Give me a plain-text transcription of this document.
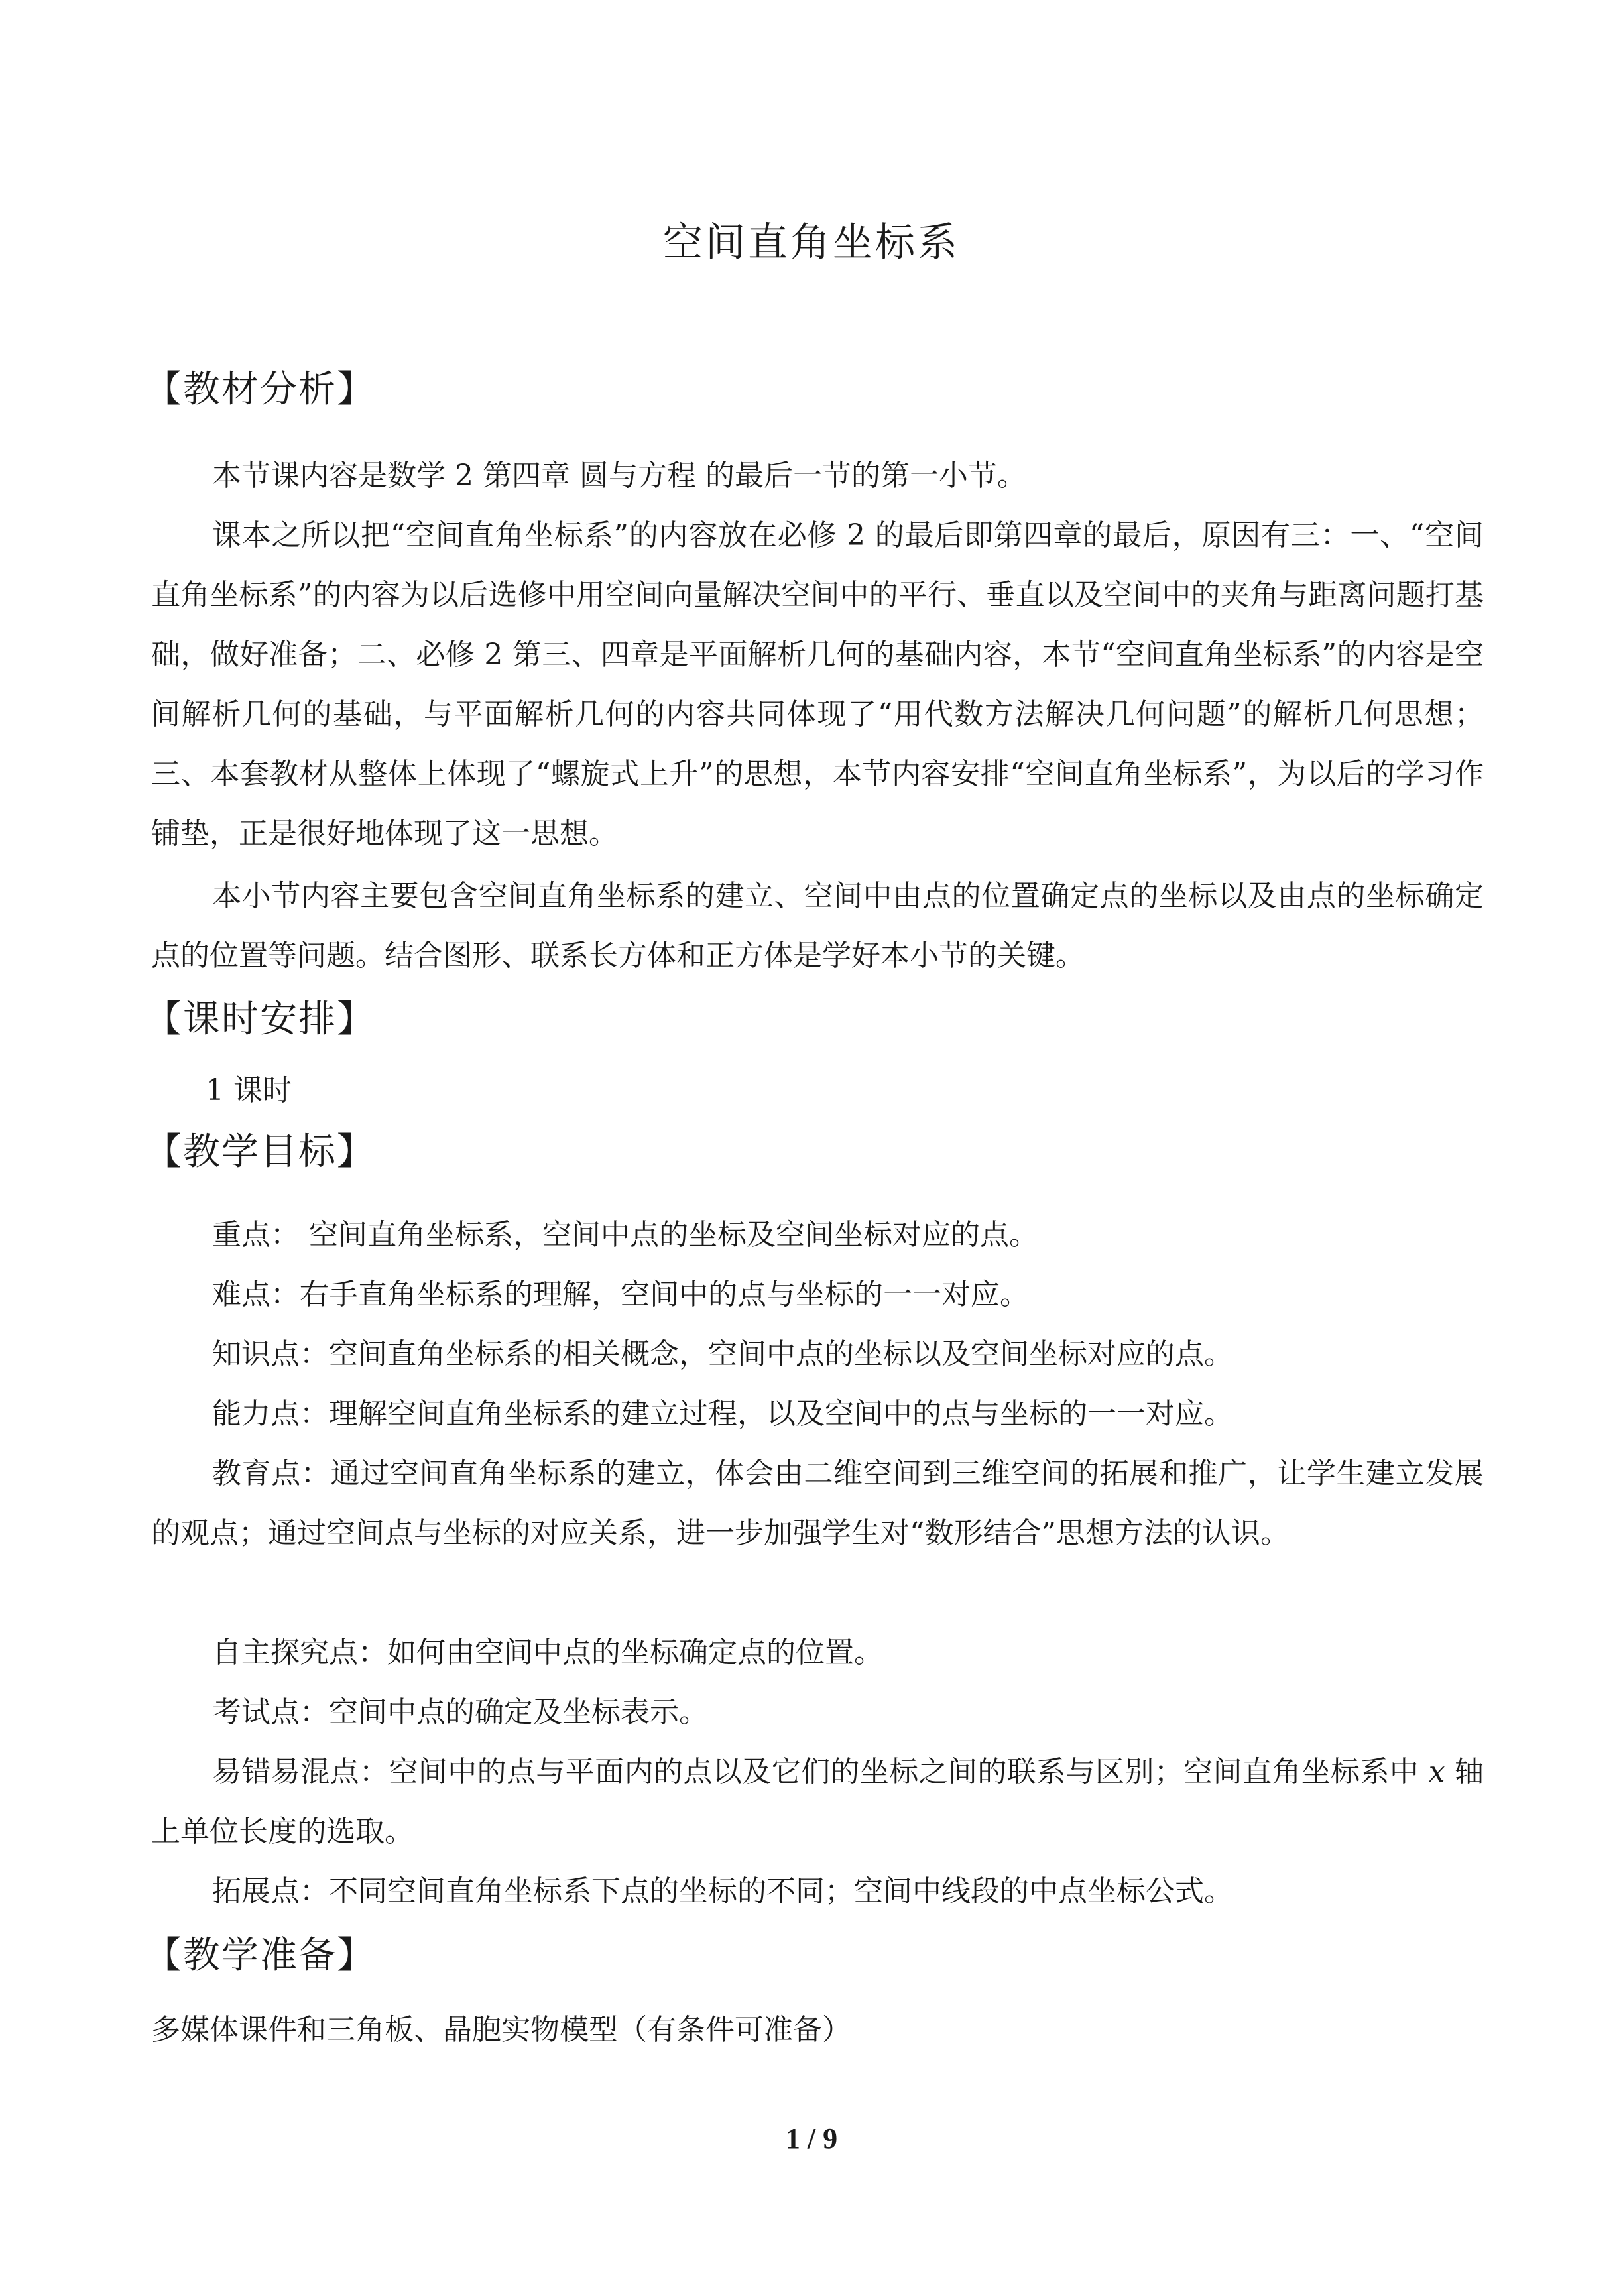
空间直角坐标系
【教材分析】

本节课内容是数学 2 第四章 圆与方程 的最后一节的第一小节。

课本之所以把“空间直角坐标系”的内容放在必修 2 的最后即第四章的最后，原因有三：一、“空间直角坐标系”的内容为以后选修中用空间向量解决空间中的平行、垂直以及空间中的夹角与距离问题打基础，做好准备；二、必修 2 第三、四章是平面解析几何的基础内容，本节“空间直角坐标系”的内容是空间解析几何的基础，与平面解析几何的内容共同体现了“用代数方法解决几何问题”的解析几何思想；三、本套教材从整体上体现了“螺旋式上升”的思想，本节内容安排“空间直角坐标系”，为以后的学习作铺垫，正是很好地体现了这一思想。

本小节内容主要包含空间直角坐标系的建立、空间中由点的位置确定点的坐标以及由点的坐标确定点的位置等问题。结合图形、联系长方体和正方体是学好本小节的关键。

【课时安排】
1 课时
【教学目标】

重点： 空间直角坐标系，空间中点的坐标及空间坐标对应的点。

难点：右手直角坐标系的理解，空间中的点与坐标的一一对应。

知识点：空间直角坐标系的相关概念，空间中点的坐标以及空间坐标对应的点。

能力点：理解空间直角坐标系的建立过程，以及空间中的点与坐标的一一对应。

教育点：通过空间直角坐标系的建立，体会由二维空间到三维空间的拓展和推广，让学生建立发展的观点；通过空间点与坐标的对应关系，进一步加强学生对“数形结合”思想方法的认识。

自主探究点：如何由空间中点的坐标确定点的位置。

考试点：空间中点的确定及坐标表示。

易错易混点：空间中的点与平面内的点以及它们的坐标之间的联系与区别；空间直角坐标系中 x 轴上单位长度的选取。

拓展点：不同空间直角坐标系下点的坐标的不同；空间中线段的中点坐标公式。

【教学准备】
多媒体课件和三角板、晶胞实物模型（有条件可准备）
1 / 9
